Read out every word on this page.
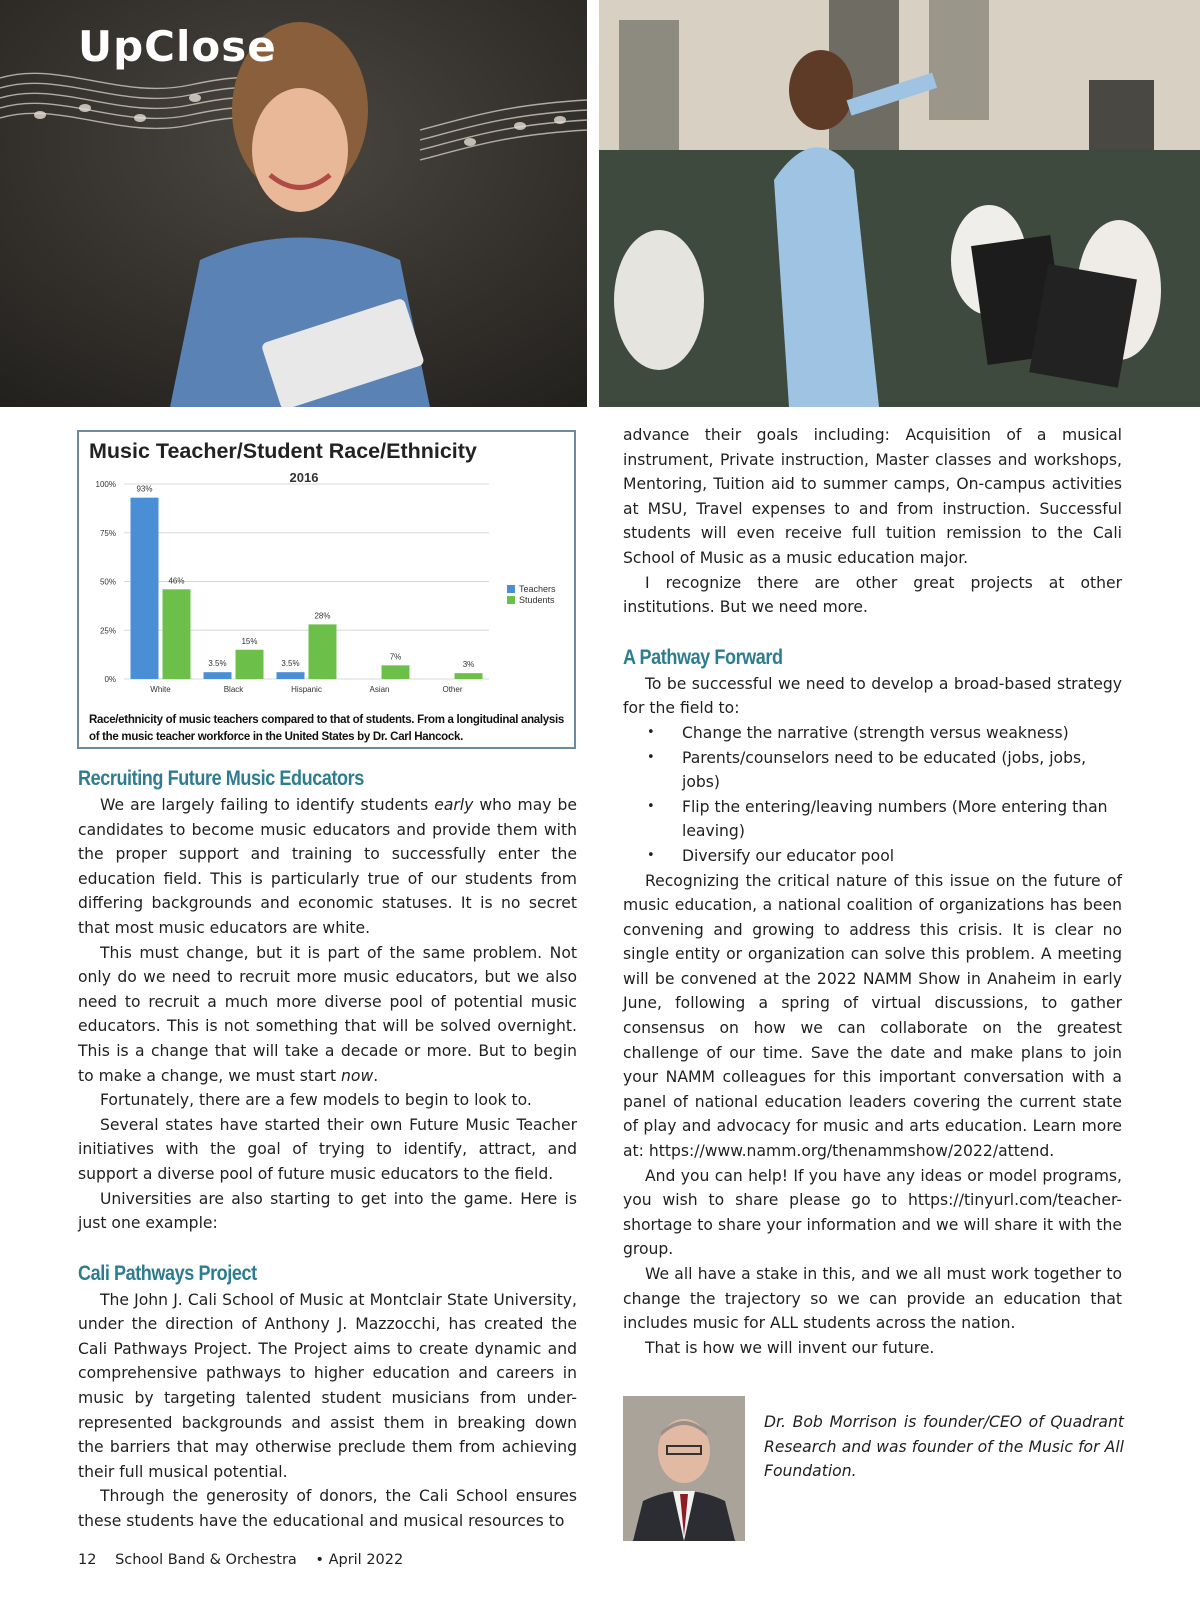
UpClose
Music Teacher/Student Race/Ethnicity
2016
0%
25%
50%
75%
100%
93%
46%
White
3.5%
15%
Black
3.5%
28%
Hispanic
7%
Asian
3%
Other
Teachers
Students

Race/ethnicity of music teachers compared to that of students. From a longitudinal analysis of the music teacher workforce in the United States by Dr. Carl Hancock.

Recruiting Future Music Educators

We are largely failing to identify students early who may be candidates to become music educators and provide them with the proper support and training to successfully enter the education field. This is particularly true of our students from differing backgrounds and economic statuses. It is no secret that most music educators are white.

This must change, but it is part of the same problem. Not only do we need to recruit more music educators, but we also need to recruit a much more diverse pool of potential music educators. This is not something that will be solved overnight. This is a change that will take a decade or more. But to begin to make a change, we must start now.

Fortunately, there are a few models to begin to look to.

Several states have started their own Future Music Teacher initiatives with the goal of trying to identify, attract, and support a diverse pool of future music educators to the field.

Universities are also starting to get into the game. Here is just one example:

Cali Pathways Project

The John J. Cali School of Music at Montclair State University, under the direction of Anthony J. Mazzocchi, has created the Cali Pathways Project. The Project aims to create dynamic and comprehensive pathways to higher education and careers in music by targeting talented student musicians from under-represented backgrounds and assist them in breaking down the barriers that may otherwise preclude them from achieving their full musical potential.

Through the generosity of donors, the Cali School ensures these students have the educational and musical resources to

advance their goals including: Acquisition of a musical instrument, Private instruction, Master classes and workshops, Mentoring, Tuition aid to summer camps, On-campus activities at MSU, Travel expenses to and from instruction. Successful students will even receive full tuition remission to the Cali School of Music as a music education major.

I recognize there are other great projects at other institutions. But we need more.

A Pathway Forward

To be successful we need to develop a broad-based strategy for the field to:

• Change the narrative (strength versus weakness)
• Parents/counselors need to be educated (jobs, jobs, jobs)
• Flip the entering/leaving numbers (More entering than leaving)
• Diversify our educator pool

Recognizing the critical nature of this issue on the future of music education, a national coalition of organizations has been convening and growing to address this crisis. It is clear no single entity or organization can solve this problem. A meeting will be convened at the 2022 NAMM Show in Anaheim in early June, following a spring of virtual discussions, to gather consensus on how we can collaborate on the greatest challenge of our time. Save the date and make plans to join your NAMM colleagues for this important conversation with a panel of national education leaders covering the current state of play and advocacy for music and arts education. Learn more at: https://www.namm.org/thenammshow/2022/attend.

And you can help! If you have any ideas or model programs, you wish to share please go to https://tinyurl.com/teacher-shortage to share your information and we will share it with the group.

We all have a stake in this, and we all must work together to change the trajectory so we can provide an education that includes music for ALL students across the nation.

That is how we will invent our future.

Dr. Bob Morrison is founder/CEO of Quadrant Research and was founder of the Music for All Foundation.

12 School Band & Orchestra • April 2022
